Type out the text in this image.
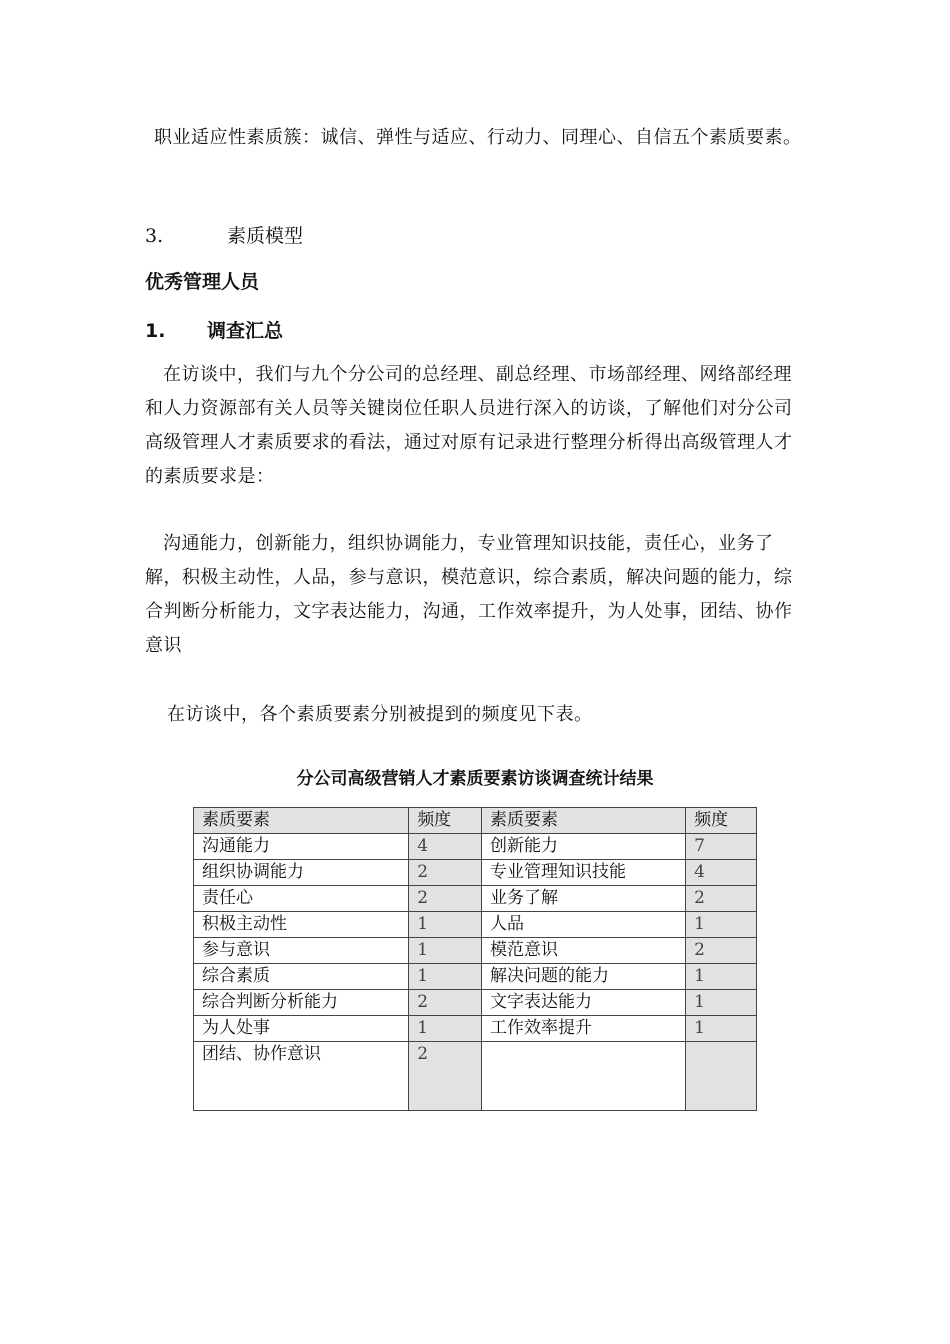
职业适应性素质簇：诚信、弹性与适应、行动力、同理心、自信五个素质要素。

3.	素质模型

优秀管理人员

1. 调查汇总

在访谈中，我们与九个分公司的总经理、副总经理、市场部经理、网络部经理和人力资源部有关人员等关键岗位任职人员进行深入的访谈，了解他们对分公司高级管理人才素质要求的看法，通过对原有记录进行整理分析得出高级管理人才的素质要求是：

沟通能力，创新能力，组织协调能力，专业管理知识技能，责任心，业务了解，积极主动性，人品，参与意识，模范意识，综合素质，解决问题的能力，综合判断分析能力，文字表达能力，沟通，工作效率提升，为人处事，团结、协作意识

在访谈中，各个素质要素分别被提到的频度见下表。

分公司高级营销人才素质要素访谈调查统计结果

素质要素	频度	素质要素	频度
沟通能力	4	创新能力	7
组织协调能力	2	专业管理知识技能	4
责任心	2	业务了解	2
积极主动性	1	人品	1
参与意识	1	模范意识	2
综合素质	1	解决问题的能力	1
综合判断分析能力	2	文字表达能力	1
为人处事	1	工作效率提升	1
团结、协作意识	2		
